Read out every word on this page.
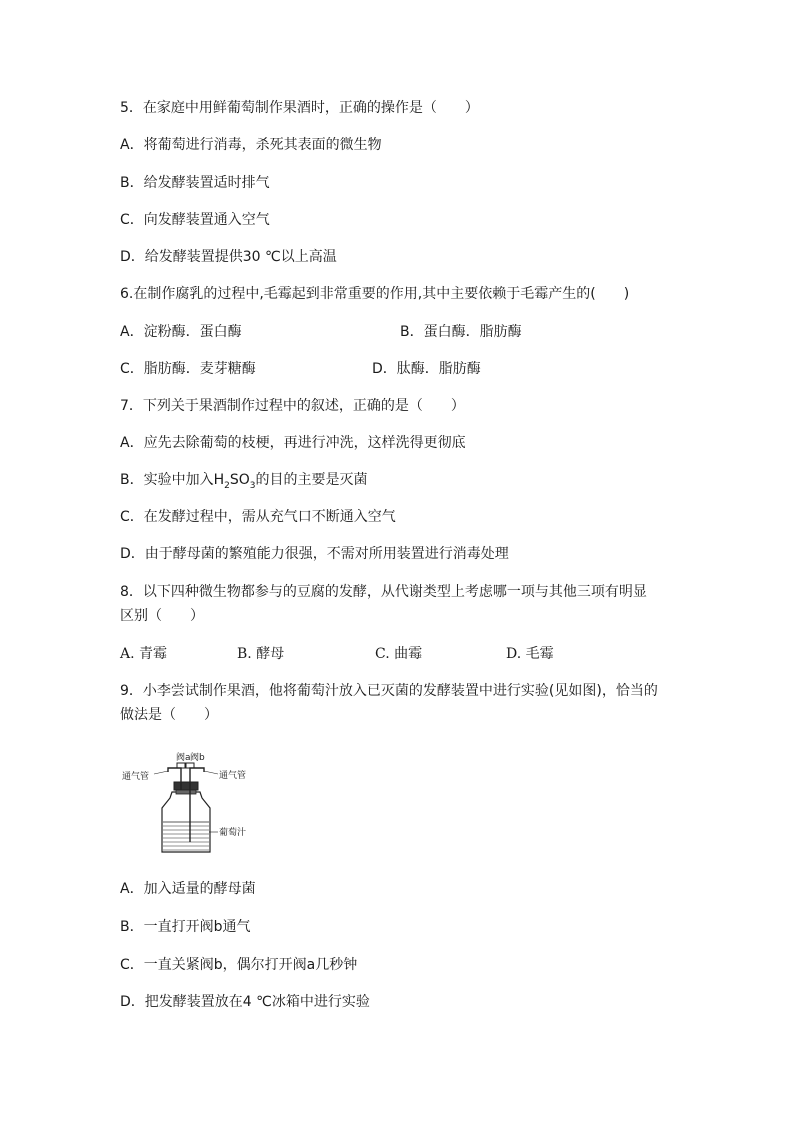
5．在家庭中用鲜葡萄制作果酒时，正确的操作是（　　）
A．将葡萄进行消毒，杀死其表面的微生物
B．给发酵装置适时排气
C．向发酵装置通入空气
D．给发酵装置提供30 ℃以上高温
6.在制作腐乳的过程中,毛霉起到非常重要的作用,其中主要依赖于毛霉产生的(　　)
A．淀粉酶．蛋白酶	B．蛋白酶．脂肪酶
C．脂肪酶．麦芽糖酶	D．肽酶．脂肪酶
7．下列关于果酒制作过程中的叙述，正确的是（　　）
A．应先去除葡萄的枝梗，再进行冲洗，这样洗得更彻底
B．实验中加入$H_2SO_3$的目的主要是灭菌
C．在发酵过程中，需从充气口不断通入空气
D．由于酵母菌的繁殖能力很强，不需对所用装置进行消毒处理
8．以下四种微生物都参与的豆腐的发酵，从代谢类型上考虑哪一项与其他三项有明显
区别（　　）
A. 青霉	B. 酵母	C. 曲霉	D. 毛霉
9．小李尝试制作果酒，他将葡萄汁放入已灭菌的发酵装置中进行实验(见如图)，恰当的
做法是（　　）
阀a 阀b
通气管	通气管
葡萄汁
A．加入适量的酵母菌
B．一直打开阀b通气
C．一直关紧阀b，偶尔打开阀a几秒钟
D．把发酵装置放在4 ℃冰箱中进行实验
